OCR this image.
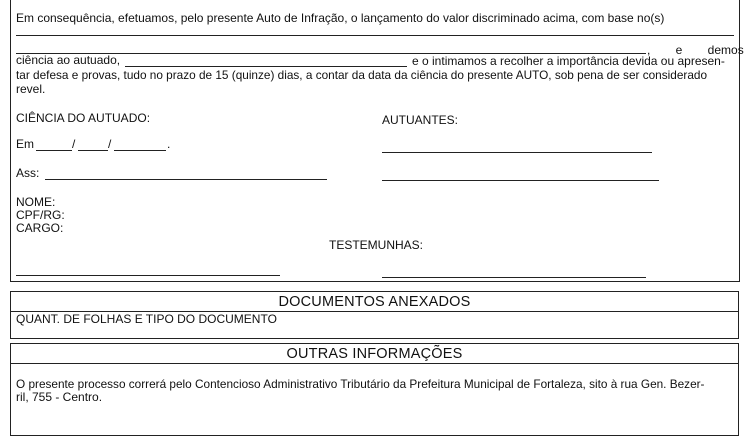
Em consequência, efetuamos, pelo presente Auto de Infração, o lançamento do valor discriminado acima, com base no(s)
, e demos
ciência ao autuado,	e o intimamos a recolher a importância devida ou apresen-
tar defesa e provas, tudo no prazo de 15 (quinze) dias, a contar da data da ciência do presente AUTO, sob pena de ser considerado
revel.
CIÊNCIA DO AUTUADO:	AUTUANTES:
Em	/	/	.
Ass:
NOME:
CPF/RG:
CARGO:
TESTEMUNHAS:
DOCUMENTOS ANEXADOS
QUANT. DE FOLHAS E TIPO DO DOCUMENTO
OUTRAS INFORMAÇÕES
O presente processo correrá pelo Contencioso Administrativo Tributário da Prefeitura Municipal de Fortaleza, sito à rua Gen. Bezer-
ril, 755 - Centro.
